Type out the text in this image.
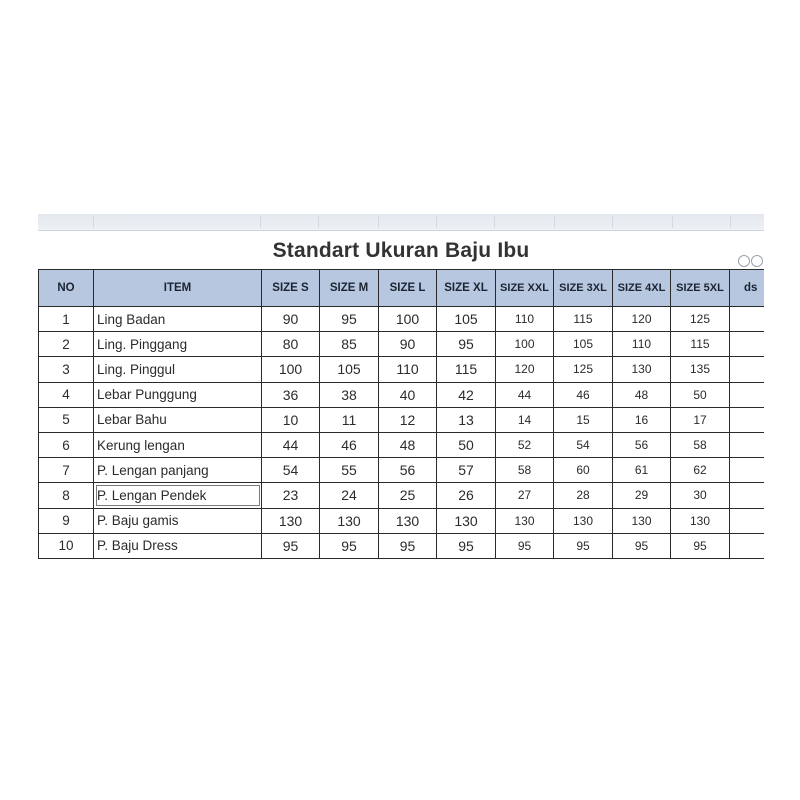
Standart Ukuran Baju Ibu
NO	ITEM	SIZE S	SIZE M	SIZE L	SIZE XL	SIZE XXL	SIZE 3XL	SIZE 4XL	SIZE 5XL	ds
1	Ling Badan	90	95	100	105	110	115	120	125	
2	Ling. Pinggang	80	85	90	95	100	105	110	115	
3	Ling. Pinggul	100	105	110	115	120	125	130	135	
4	Lebar Punggung	36	38	40	42	44	46	48	50	
5	Lebar Bahu	10	11	12	13	14	15	16	17	
6	Kerung lengan	44	46	48	50	52	54	56	58	
7	P. Lengan panjang	54	55	56	57	58	60	61	62	
8	P. Lengan Pendek	23	24	25	26	27	28	29	30	
9	P. Baju gamis	130	130	130	130	130	130	130	130	
10	P. Baju Dress	95	95	95	95	95	95	95	95	
